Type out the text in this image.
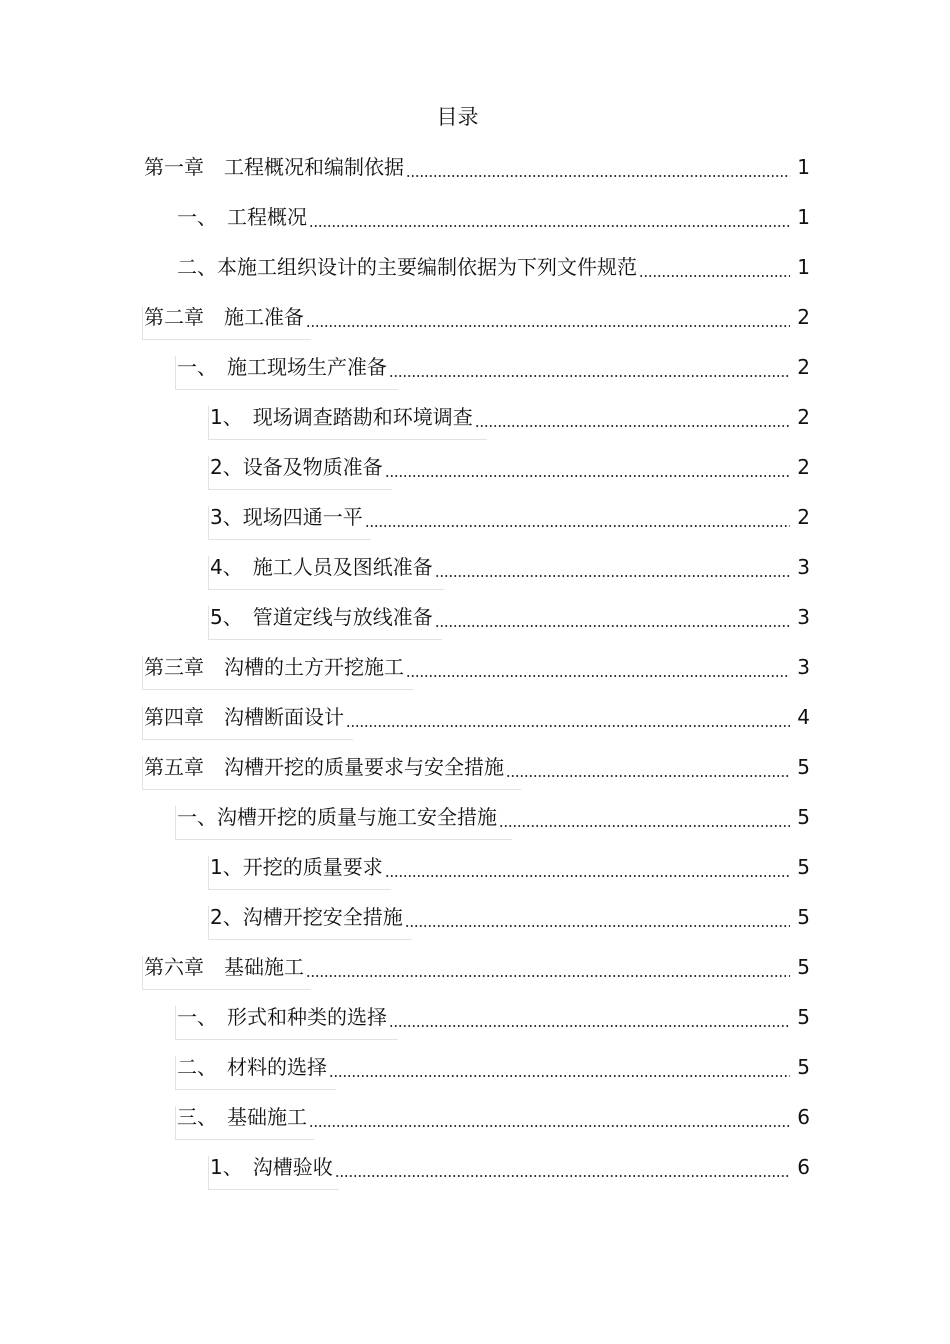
目录
第一章　工程概况和编制依据	1
一、　工程概况	1
二、本施工组织设计的主要编制依据为下列文件规范	1
第二章　施工准备	2
一、　施工现场生产准备	2
1、　现场调查踏勘和环境调查	2
2、设备及物质准备	2
3、现场四通一平	2
4、　施工人员及图纸准备	3
5、　管道定线与放线准备	3
第三章　沟槽的土方开挖施工	3
第四章　沟槽断面设计	4
第五章　沟槽开挖的质量要求与安全措施	5
一、沟槽开挖的质量与施工安全措施	5
1、开挖的质量要求	5
2、沟槽开挖安全措施	5
第六章　基础施工	5
一、　形式和种类的选择	5
二、　材料的选择	5
三、　基础施工	6
1、　沟槽验收	6
